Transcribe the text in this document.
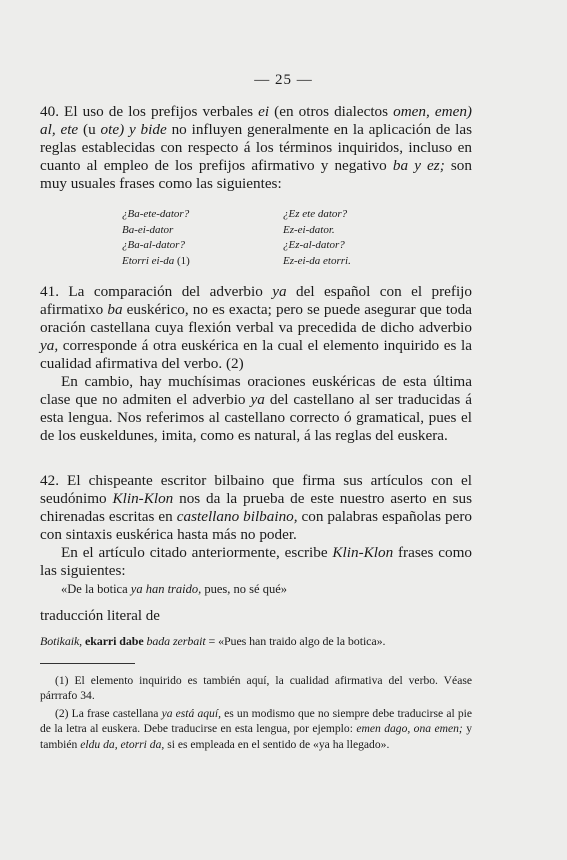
— 25 —

40. El uso de los prefijos verbales ei (en otros dialectos omen, emen) al, ete (u ote) y bide no influyen generalmente en la aplicación de las reglas establecidas con respecto á los términos inquiridos, incluso en cuanto al empleo de los prefijos afirmativo y negativo ba y ez; son muy usuales frases como las siguientes:

¿Ba-ete-dator?
Ba-ei-dator
¿Ba-al-dator?
Etorri ei-da (1)
¿Ez ete dator?
Ez-ei-dator.
¿Ez-al-dator?
Ez-ei-da etorri.

41. La comparación del adverbio ya del español con el prefijo afirmatixo ba euskérico, no es exacta; pero se puede asegurar que toda oración castellana cuya flexión verbal va precedida de dicho adverbio ya, corresponde á otra euskérica en la cual el elemento inquirido es la cualidad afirmativa del verbo. (2)

En cambio, hay muchísimas oraciones euskéricas de esta última clase que no admiten el adverbio ya del castellano al ser traducidas á esta lengua. Nos referimos al castellano correcto ó gramatical, pues el de los euskeldunes, imita, como es natural, á las reglas del euskera.

42. El chispeante escritor bilbaino que firma sus artículos con el seudónimo Klin-Klon nos da la prueba de este nuestro aserto en sus chirenadas escritas en castellano bilbaino, con palabras españolas pero con sintaxis euskérica hasta más no poder.

En el artículo citado anteriormente, escribe Klin-Klon frases como las siguientes:

«De la botica ya han traido, pues, no sé qué»
traducción literal de
Botikaik, ekarri dabe bada zerbait = «Pues han traido algo de la botica».

(1) El elemento inquirido es también aquí, la cualidad afirmativa del verbo. Véase párrrafo 34.

(2) La frase castellana ya está aquí, es un modismo que no siempre debe traducirse al pie de la letra al euskera. Debe traducirse en esta lengua, por ejemplo: emen dago, ona emen; y también eldu da, etorri da, si es empleada en el sentido de «ya ha llegado».
